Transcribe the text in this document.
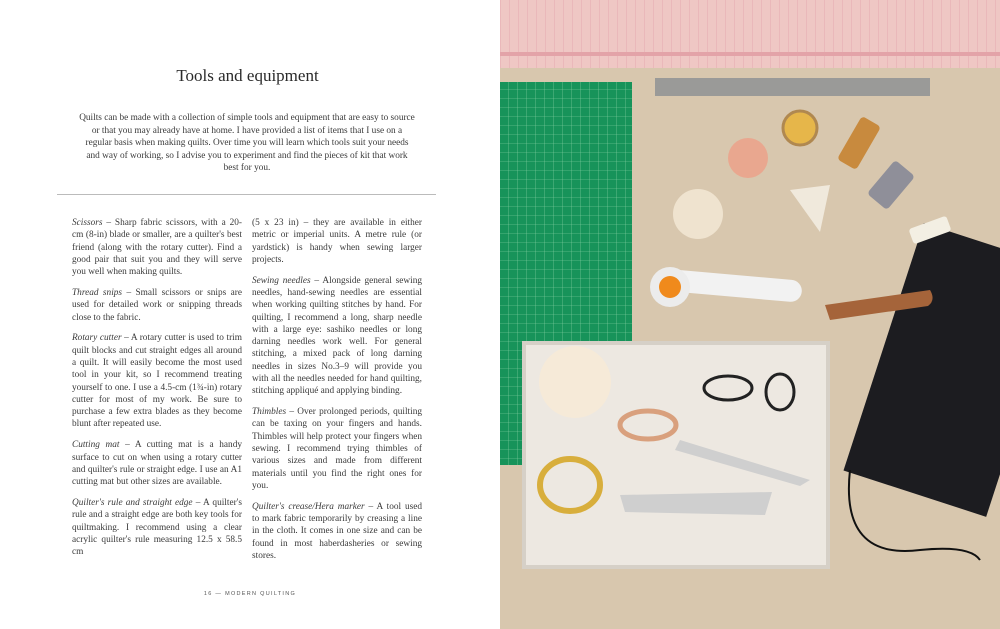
Tools and equipment

Quilts can be made with a collection of simple tools and equipment that are easy to source or that you may already have at home. I have provided a list of items that I use on a regular basis when making quilts. Over time you will learn which tools suit your needs and way of working, so I advise you to experiment and find the pieces of kit that work best for you.

Scissors – Sharp fabric scissors, with a 20-cm (8-in) blade or smaller, are a quilter's best friend (along with the rotary cutter). Find a good pair that suit you and they will serve you well when making quilts.

Thread snips – Small scissors or snips are used for detailed work or snipping threads close to the fabric.

Rotary cutter – A rotary cutter is used to trim quilt blocks and cut straight edges all around a quilt. It will easily become the most used tool in your kit, so I recommend treating yourself to one. I use a 4.5-cm (1¾-in) rotary cutter for most of my work. Be sure to purchase a few extra blades as they become blunt after repeated use.

Cutting mat – A cutting mat is a handy surface to cut on when using a rotary cutter and quilter's rule or straight edge. I use an A1 cutting mat but other sizes are available.

Quilter's rule and straight edge – A quilter's rule and a straight edge are both key tools for quiltmaking. I recommend using a clear acrylic quilter's rule measuring 12.5 x 58.5 cm

(5 x 23 in) – they are available in either metric or imperial units. A metre rule (or yardstick) is handy when sewing larger projects.

Sewing needles – Alongside general sewing needles, hand-sewing needles are essential when working quilting stitches by hand. For quilting, I recommend a long, sharp needle with a large eye: sashiko needles or long darning needles work well. For general stitching, a mixed pack of long darning needles in sizes No.3–9 will provide you with all the needles needed for hand quilting, stitching appliqué and applying binding.

Thimbles – Over prolonged periods, quilting can be taxing on your fingers and hands. Thimbles will help protect your fingers when sewing. I recommend trying thimbles of various sizes and made from different materials until you find the right ones for you.

Quilter's crease/Hera marker – A tool used to mark fabric temporarily by creasing a line in the cloth. It comes in one size and can be found in most haberdasheries or sewing stores.

16 — MODERN QUILTING
